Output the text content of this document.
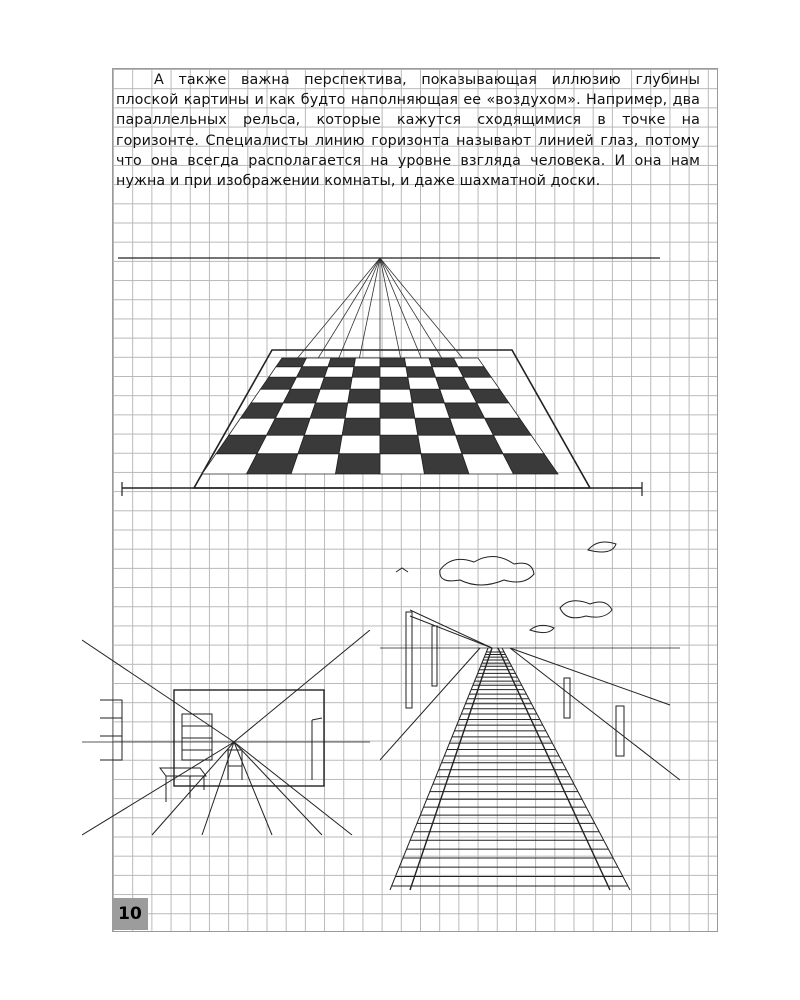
А также важна перспектива, показывающая иллюзию глубины плоской картины и как будто наполняющая ее «воздухом». Например, два параллельных рельса, которые кажутся сходящимися в точке на горизонте. Специалисты линию горизонта называют линией глаз, потому что она всегда располагается на уровне взгляда человека. И она нам нужна и при изображении комнаты, и даже шахматной доски.

10
